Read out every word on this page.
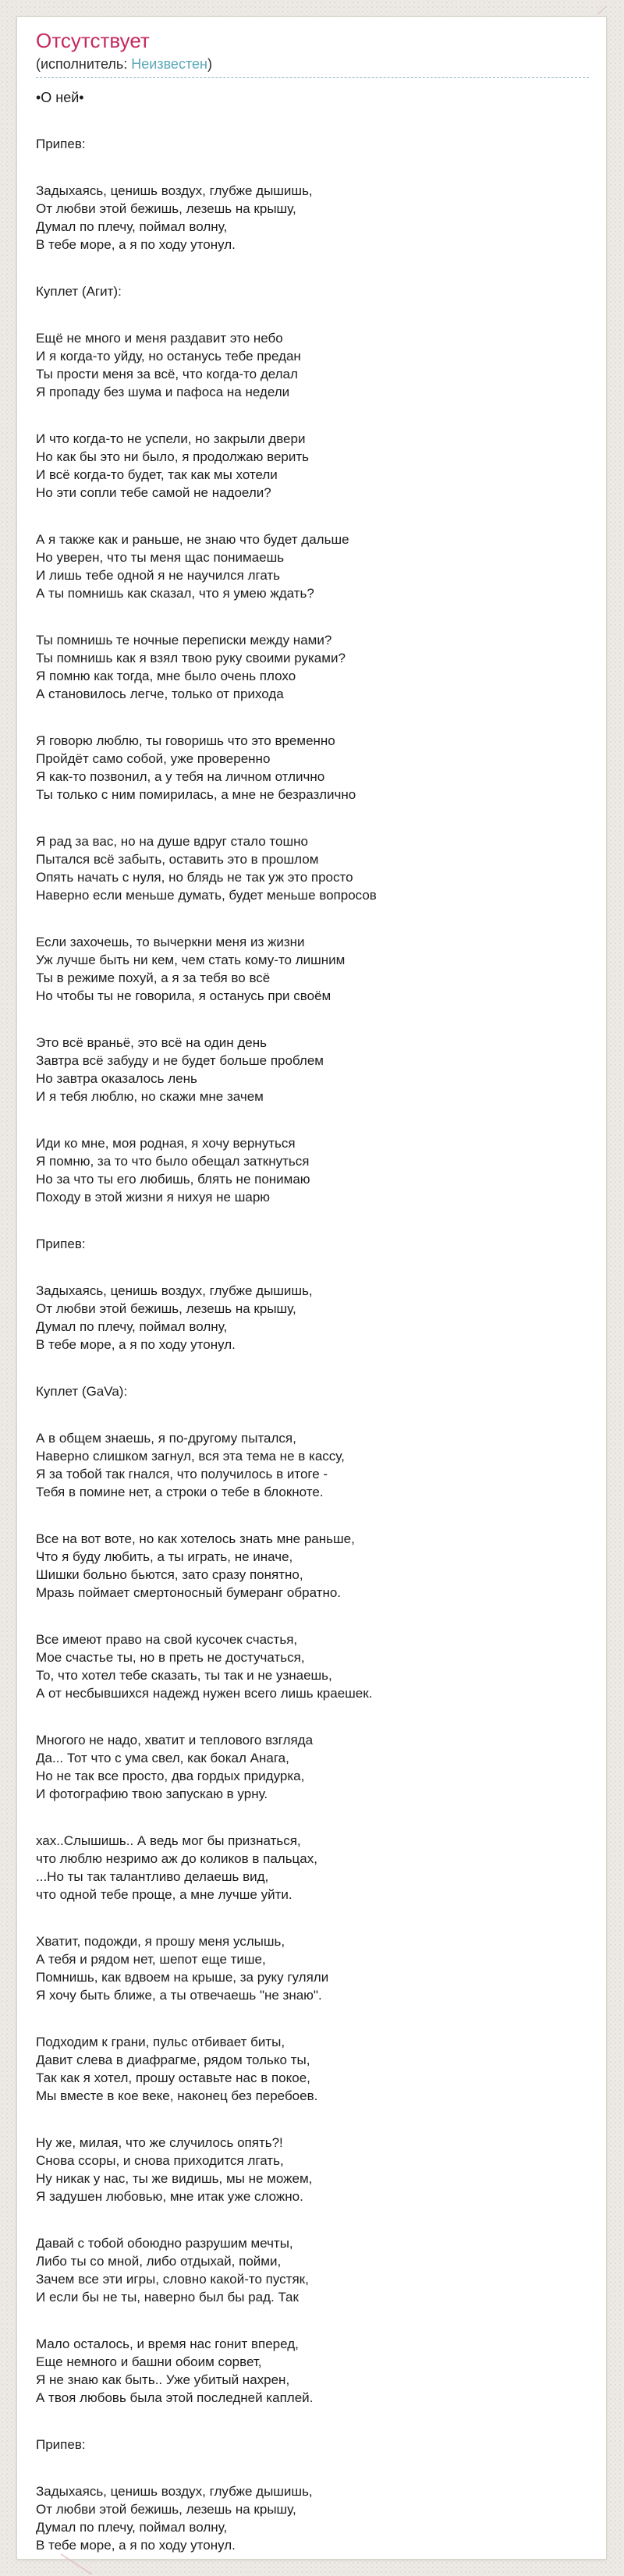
Отсутствует
(исполнитель: Неизвестен)
•О ней•

Припев:

Задыхаясь, ценишь воздух, глубже дышишь,
От любви этой бежишь, лезешь на крышу,
Думал по плечу, поймал волну,
В тебе море, а я по ходу утонул.

Куплет (Агит):

Ещё не много и меня раздавит это небо
И я когда-то уйду, но останусь тебе предан
Ты прости меня за всё, что когда-то делал
Я пропаду без шума и пафоса на недели

И что когда-то не успели, но закрыли двери
Но как бы это ни было, я продолжаю верить
И всё когда-то будет, так как мы хотели
Но эти сопли тебе самой не надоели?

А я также как и раньше, не знаю что будет дальше
Но уверен, что ты меня щас понимаешь
И лишь тебе одной я не научился лгать
А ты помнишь как сказал, что я умею ждать?

Ты помнишь те ночные переписки между нами?
Ты помнишь как я взял твою руку своими руками?
Я помню как тогда, мне было очень плохо
А становилось легче, только от прихода

Я говорю люблю, ты говоришь что это временно
Пройдёт само собой, уже проверенно
Я как-то позвонил, а у тебя на личном отлично
Ты только с ним помирилась, а мне не безразлично

Я рад за вас, но на душе вдруг стало тошно
Пытался всё забыть, оставить это в прошлом
Опять начать с нуля, но блядь не так уж это просто
Наверно если меньше думать, будет меньше вопросов

Если захочешь, то вычеркни меня из жизни
Уж лучше быть ни кем, чем стать кому-то лишним
Ты в режиме похуй, а я за тебя во всё
Но чтобы ты не говорила, я останусь при своём

Это всё враньё, это всё на один день
Завтра всё забуду и не будет больше проблем
Но завтра оказалось лень
И я тебя люблю, но скажи мне зачем

Иди ко мне, моя родная, я хочу вернуться
Я помню, за то что было обещал заткнуться
Но за что ты его любишь, блять не понимаю
Походу в этой жизни я нихуя не шарю

Припев:

Задыхаясь, ценишь воздух, глубже дышишь,
От любви этой бежишь, лезешь на крышу,
Думал по плечу, поймал волну,
В тебе море, а я по ходу утонул.

Куплет (GaVa):

А в общем знаешь, я по-другому пытался,
Наверно слишком загнул, вся эта тема не в кассу,
Я за тобой так гнался, что получилось в итоге -
Тебя в помине нет, а строки о тебе в блокноте.

Все на вот воте, но как хотелось знать мне раньше,
Что я буду любить, а ты играть, не иначе,
Шишки больно бьются, зато сразу понятно,
Мразь поймает смертоносный бумеранг обратно.

Все имеют право на свой кусочек счастья,
Мое счастье ты, но в преть не достучаться,
То, что хотел тебе сказать, ты так и не узнаешь,
А от несбывшихся надежд нужен всего лишь краешек.

Многого не надо, хватит и теплового взгляда
Да... Тот что с ума свел, как бокал Анага,
Но не так все просто, два гордых придурка,
И фотографию твою запускаю в урну.

хах..Слышишь.. А ведь мог бы признаться,
что люблю незримо аж до коликов в пальцах,
...Но ты так талантливо делаешь вид,
что одной тебе проще, а мне лучше уйти.

Хватит, подожди, я прошу меня услышь,
А тебя и рядом нет, шепот еще тише,
Помнишь, как вдвоем на крыше, за руку гуляли
Я хочу быть ближе, а ты отвечаешь "не знаю".

Подходим к грани, пульс отбивает биты,
Давит слева в диафрагме, рядом только ты,
Так как я хотел, прошу оставьте нас в покое,
Мы вместе в кое веке, наконец без перебоев.

Ну же, милая, что же случилось опять?!
Снова ссоры, и снова приходится лгать,
Ну никак у нас, ты же видишь, мы не можем,
Я задушен любовью, мне итак уже сложно.

Давай с тобой обоюдно разрушим мечты,
Либо ты со мной, либо отдыхай, пойми,
Зачем все эти игры, словно какой-то пустяк,
И если бы не ты, наверно был бы рад. Так

Мало осталось, и время нас гонит вперед,
Еще немного и башни обоим сорвет,
Я не знаю как быть.. Уже убитый нахрен,
А твоя любовь была этой последней каплей.

Припев:

Задыхаясь, ценишь воздух, глубже дышишь,
От любви этой бежишь, лезешь на крышу,
Думал по плечу, поймал волну,
В тебе море, а я по ходу утонул.
